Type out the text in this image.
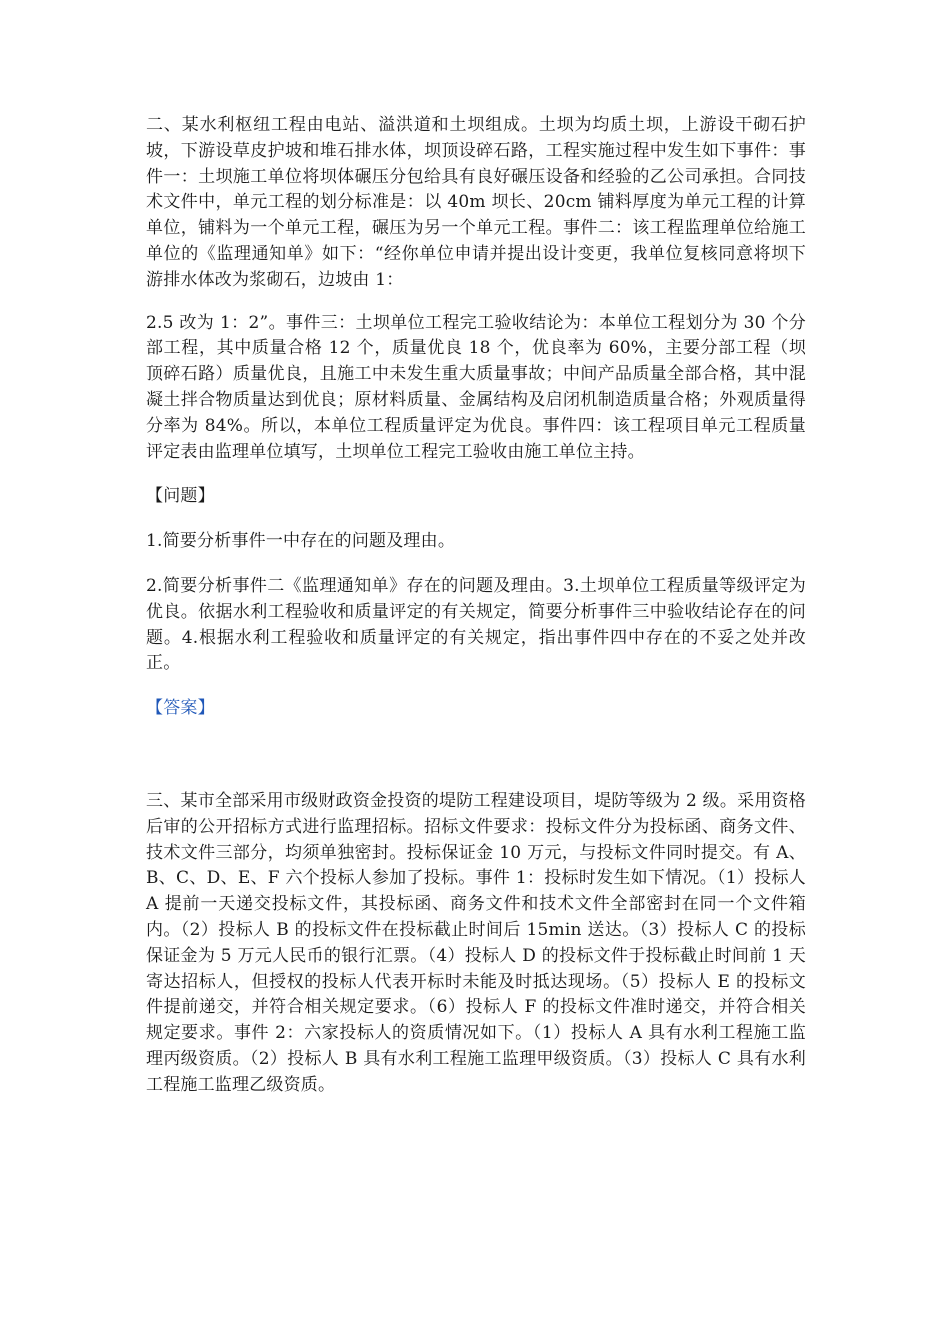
二、某水利枢纽工程由电站、溢洪道和土坝组成。土坝为均质土坝，上游设干砌石护坡，下游设草皮护坡和堆石排水体，坝顶设碎石路，工程实施过程中发生如下事件：事件一：土坝施工单位将坝体碾压分包给具有良好碾压设备和经验的乙公司承担。合同技术文件中，单元工程的划分标准是：以 40m 坝长、20cm 铺料厚度为单元工程的计算单位，铺料为一个单元工程，碾压为另一个单元工程。事件二：该工程监理单位给施工单位的《监理通知单》如下：“经你单位申请并提出设计变更，我单位复核同意将坝下游排水体改为浆砌石，边坡由 1：

2.5 改为 1：2”。事件三：土坝单位工程完工验收结论为：本单位工程划分为 30 个分部工程，其中质量合格 12 个，质量优良 18 个，优良率为 60%，主要分部工程（坝顶碎石路）质量优良，且施工中未发生重大质量事故；中间产品质量全部合格，其中混凝土拌合物质量达到优良；原材料质量、金属结构及启闭机制造质量合格；外观质量得分率为 84%。所以，本单位工程质量评定为优良。事件四：该工程项目单元工程质量评定表由监理单位填写，土坝单位工程完工验收由施工单位主持。

【问题】

1.简要分析事件一中存在的问题及理由。

2.简要分析事件二《监理通知单》存在的问题及理由。3.土坝单位工程质量等级评定为优良。依据水利工程验收和质量评定的有关规定，简要分析事件三中验收结论存在的问题。4.根据水利工程验收和质量评定的有关规定，指出事件四中存在的不妥之处并改正。

【答案】

三、某市全部采用市级财政资金投资的堤防工程建设项目，堤防等级为 2 级。采用资格后审的公开招标方式进行监理招标。招标文件要求：投标文件分为投标函、商务文件、技术文件三部分，均须单独密封。投标保证金 10 万元，与投标文件同时提交。有 A、B、C、D、E、F 六个投标人参加了投标。事件 1：投标时发生如下情况。（1）投标人 A 提前一天递交投标文件，其投标函、商务文件和技术文件全部密封在同一个文件箱内。（2）投标人 B 的投标文件在投标截止时间后 15min 送达。（3）投标人 C 的投标保证金为 5 万元人民币的银行汇票。（4）投标人 D 的投标文件于投标截止时间前 1 天寄达招标人，但授权的投标人代表开标时未能及时抵达现场。（5）投标人 E 的投标文件提前递交，并符合相关规定要求。（6）投标人 F 的投标文件准时递交，并符合相关规定要求。事件 2：六家投标人的资质情况如下。（1）投标人 A 具有水利工程施工监理丙级资质。（2）投标人 B 具有水利工程施工监理甲级资质。（3）投标人 C 具有水利工程施工监理乙级资质。
